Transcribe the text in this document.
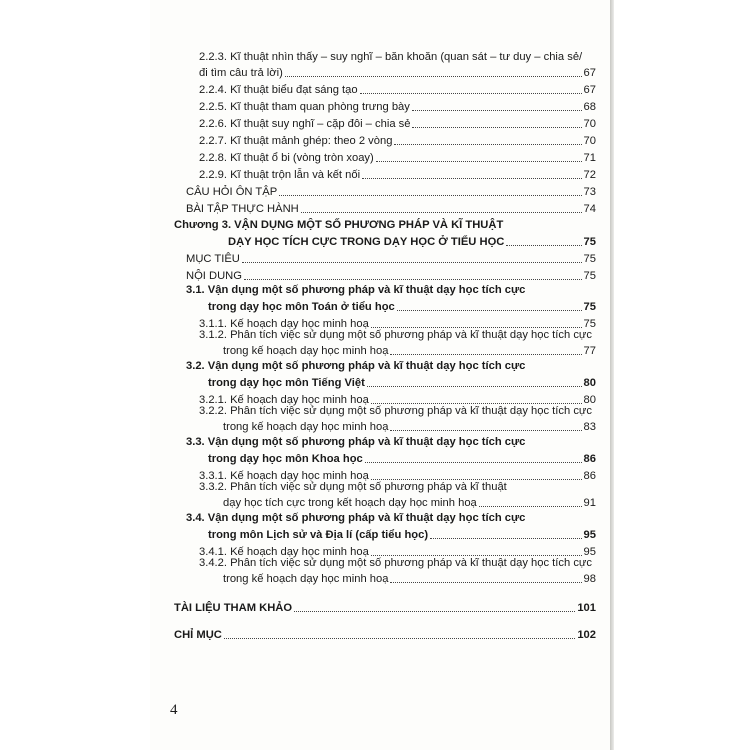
2.2.3. Kĩ thuật nhìn thấy – suy nghĩ – băn khoăn (quan sát – tư duy – chia sẻ/
đi tìm câu trả lời)	67
2.2.4. Kĩ thuật biểu đạt sáng tạo	67
2.2.5. Kĩ thuật tham quan phòng trưng bày	68
2.2.6. Kĩ thuật suy nghĩ – cặp đôi – chia sẻ	70
2.2.7. Kĩ thuật mảnh ghép: theo 2 vòng	70
2.2.8. Kĩ thuật ổ bi (vòng tròn xoay)	71
2.2.9. Kĩ thuật trộn lẫn và kết nối	72
CÂU HỎI ÔN TẬP	73
BÀI TẬP THỰC HÀNH	74
Chương 3. VẬN DỤNG MỘT SỐ PHƯƠNG PHÁP VÀ KĨ THUẬT
DẠY HỌC TÍCH CỰC TRONG DẠY HỌC Ở TIỂU HỌC	75
MỤC TIÊU	75
NỘI DUNG	75
3.1. Vận dụng một số phương pháp và kĩ thuật dạy học tích cực
trong dạy học môn Toán ở tiểu học	75
3.1.1. Kế hoạch dạy học minh hoạ	75
3.1.2. Phân tích việc sử dụng một số phương pháp và kĩ thuật dạy học tích cực
trong kế hoạch dạy học minh hoạ	77
3.2. Vận dụng một số phương pháp và kĩ thuật dạy học tích cực
trong dạy học môn Tiếng Việt	80
3.2.1. Kế hoạch dạy học minh hoạ	80
3.2.2. Phân tích việc sử dụng một số phương pháp và kĩ thuật dạy học tích cực
trong kế hoạch dạy học minh hoạ	83
3.3. Vận dụng một số phương pháp và kĩ thuật dạy học tích cực
trong dạy học môn Khoa học	86
3.3.1. Kế hoạch dạy học minh hoạ	86
3.3.2. Phân tích việc sử dụng một số phương pháp và kĩ thuật
dạy học tích cực trong kết hoạch dạy học minh hoạ	91
3.4. Vận dụng một số phương pháp và kĩ thuật dạy học tích cực
trong môn Lịch sử và Địa lí (cấp tiểu học)	95
3.4.1. Kế hoạch dạy học minh hoạ	95
3.4.2. Phân tích việc sử dụng một số phương pháp và kĩ thuật dạy học tích cực
trong kế hoạch dạy học minh hoạ	98
TÀI LIỆU THAM KHẢO	101
CHỈ MỤC	102
4
